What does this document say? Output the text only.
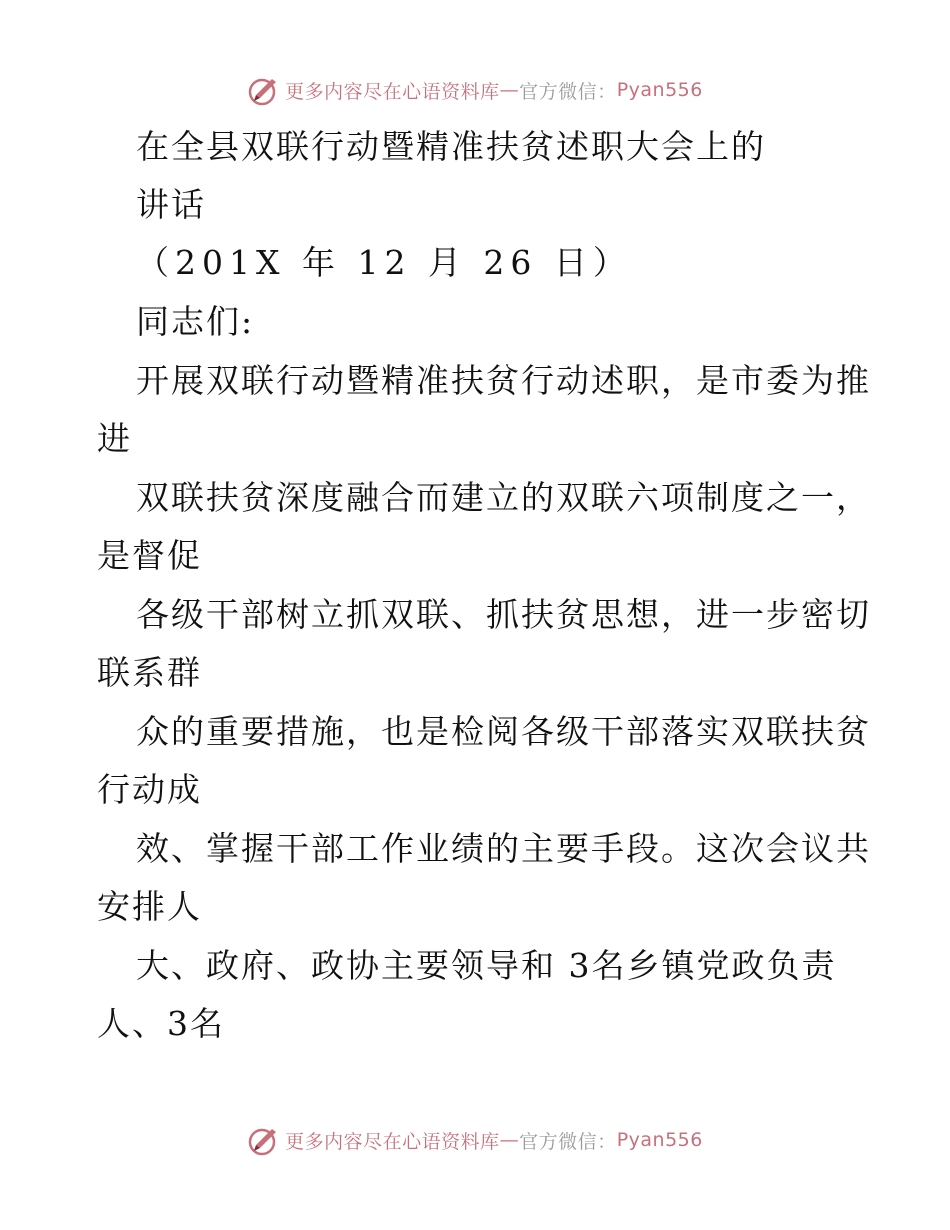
更多内容尽在心语资料库 — 官方微信： Pyan556
在全县双联行动暨精准扶贫述职大会上的
讲话
（201X 年 12 月 26 日）
同志们:
开展双联行动暨精准扶贫行动述职，是市委为推
进
双联扶贫深度融合而建立的双联六项制度之一，
是督促
各级干部树立抓双联、抓扶贫思想，进一步密切
联系群
众的重要措施，也是检阅各级干部落实双联扶贫
行动成
效、掌握干部工作业绩的主要手段。这次会议共
安排人
大、政府、政协主要领导和 3名乡镇党政负责
人、3名
更多内容尽在心语资料库 — 官方微信： Pyan556
